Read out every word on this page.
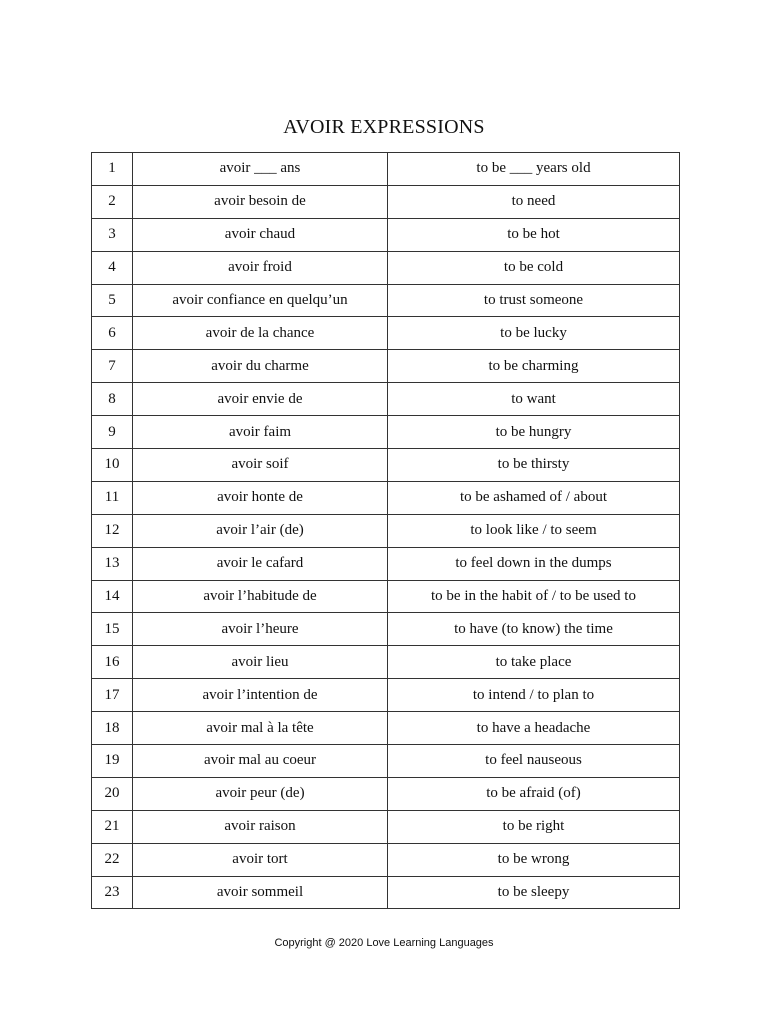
AVOIR EXPRESSIONS
1	avoir ___ ans	to be ___ years old
2	avoir besoin de	to need
3	avoir chaud	to be hot
4	avoir froid	to be cold
5	avoir confiance en quelqu’un	to trust someone
6	avoir de la chance	to be lucky
7	avoir du charme	to be charming
8	avoir envie de	to want
9	avoir faim	to be hungry
10	avoir soif	to be thirsty
11	avoir honte de	to be ashamed of / about
12	avoir l’air (de)	to look like / to seem
13	avoir le cafard	to feel down in the dumps
14	avoir l’habitude de	to be in the habit of / to be used to
15	avoir l’heure	to have (to know) the time
16	avoir lieu	to take place
17	avoir l’intention de	to intend / to plan to
18	avoir mal à la tête	to have a headache
19	avoir mal au coeur	to feel nauseous
20	avoir peur (de)	to be afraid (of)
21	avoir raison	to be right
22	avoir tort	to be wrong
23	avoir sommeil	to be sleepy

Copyright @ 2020 Love Learning Languages
